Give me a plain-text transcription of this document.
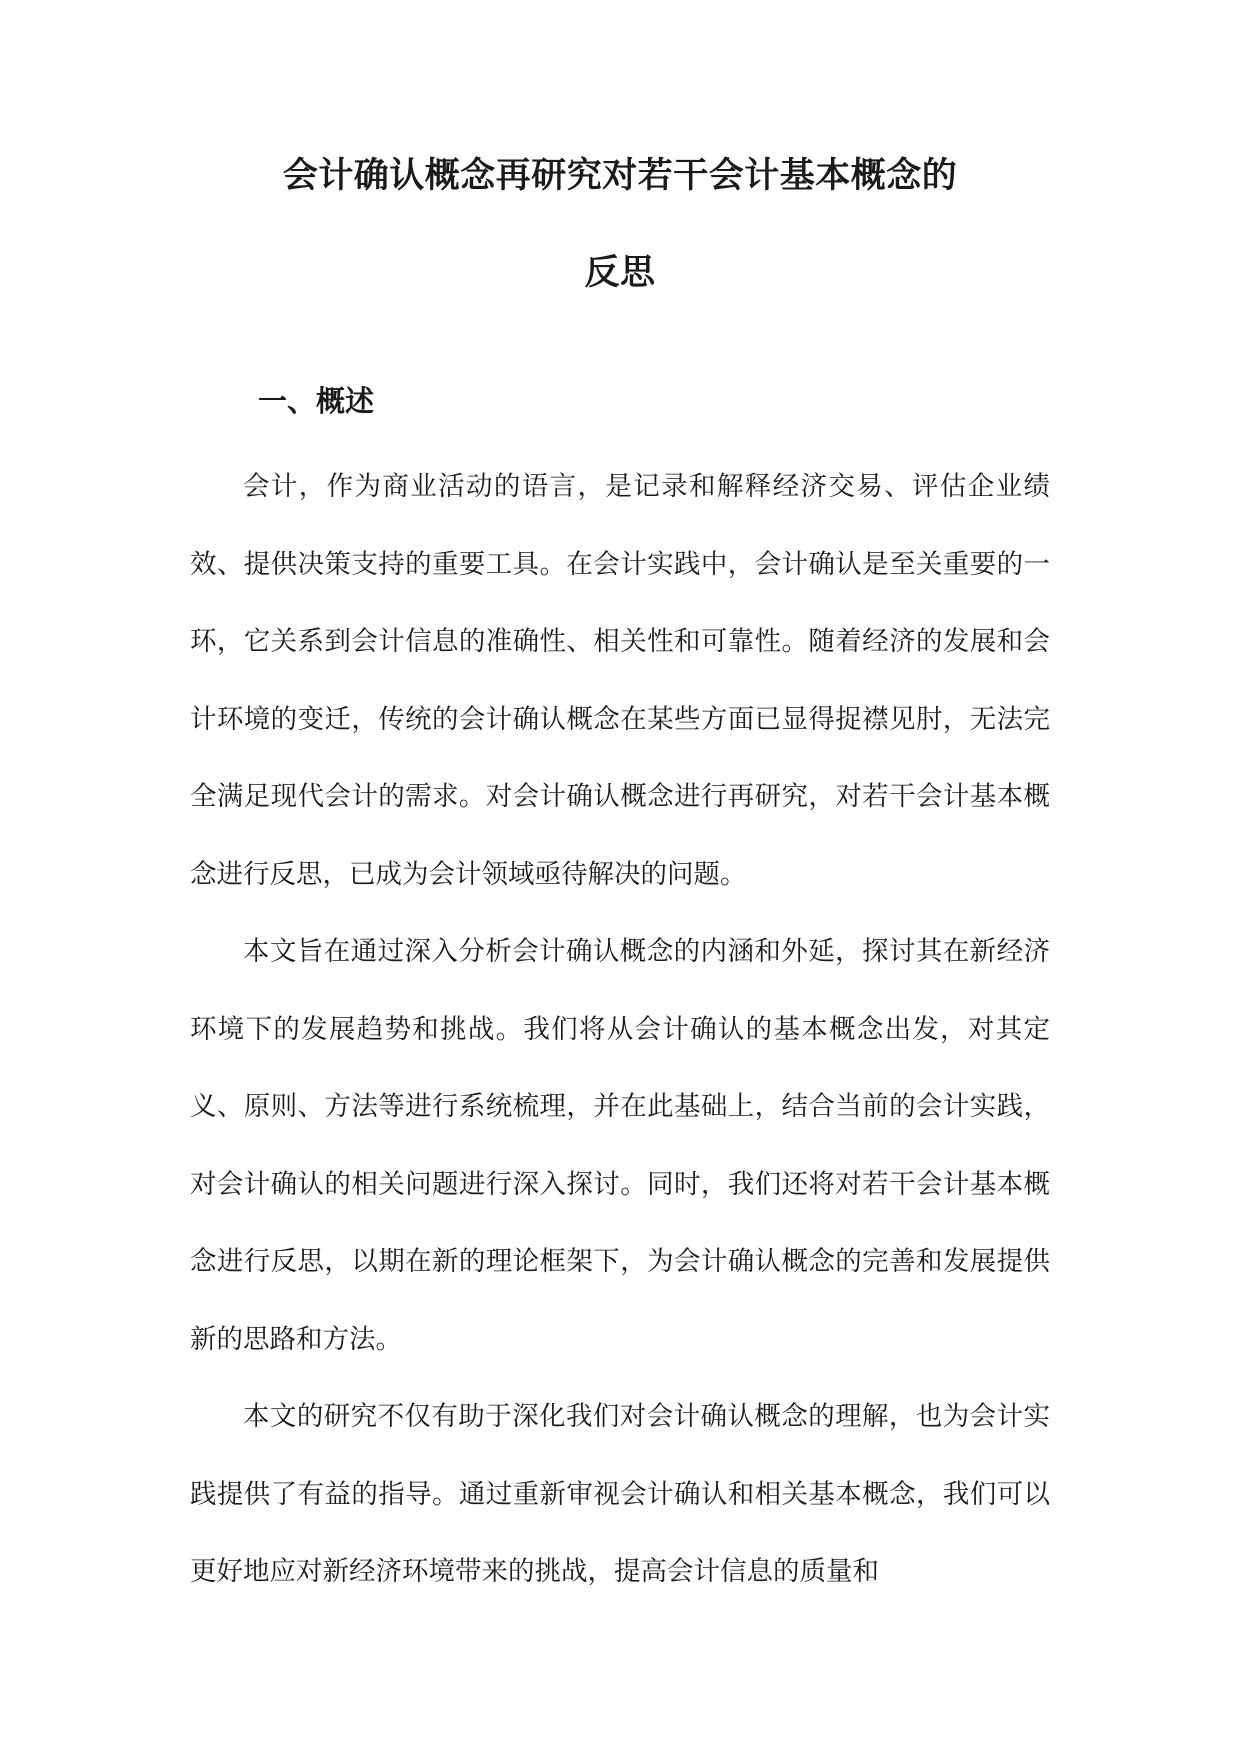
会计确认概念再研究对若干会计基本概念的
反思
一、概述

会计，作为商业活动的语言，是记录和解释经济交易、评估企业绩效、提供决策支持的重要工具。在会计实践中，会计确认是至关重要的一环，它关系到会计信息的准确性、相关性和可靠性。随着经济的发展和会计环境的变迁，传统的会计确认概念在某些方面已显得捉襟见肘，无法完全满足现代会计的需求。对会计确认概念进行再研究，对若干会计基本概念进行反思，已成为会计领域亟待解决的问题。

本文旨在通过深入分析会计确认概念的内涵和外延，探讨其在新经济环境下的发展趋势和挑战。我们将从会计确认的基本概念出发，对其定义、原则、方法等进行系统梳理，并在此基础上，结合当前的会计实践，对会计确认的相关问题进行深入探讨。同时，我们还将对若干会计基本概念进行反思，以期在新的理论框架下，为会计确认概念的完善和发展提供新的思路和方法。

本文的研究不仅有助于深化我们对会计确认概念的理解，也为会计实践提供了有益的指导。通过重新审视会计确认和相关基本概念，我们可以更好地应对新经济环境带来的挑战，提高会计信息的质量和
